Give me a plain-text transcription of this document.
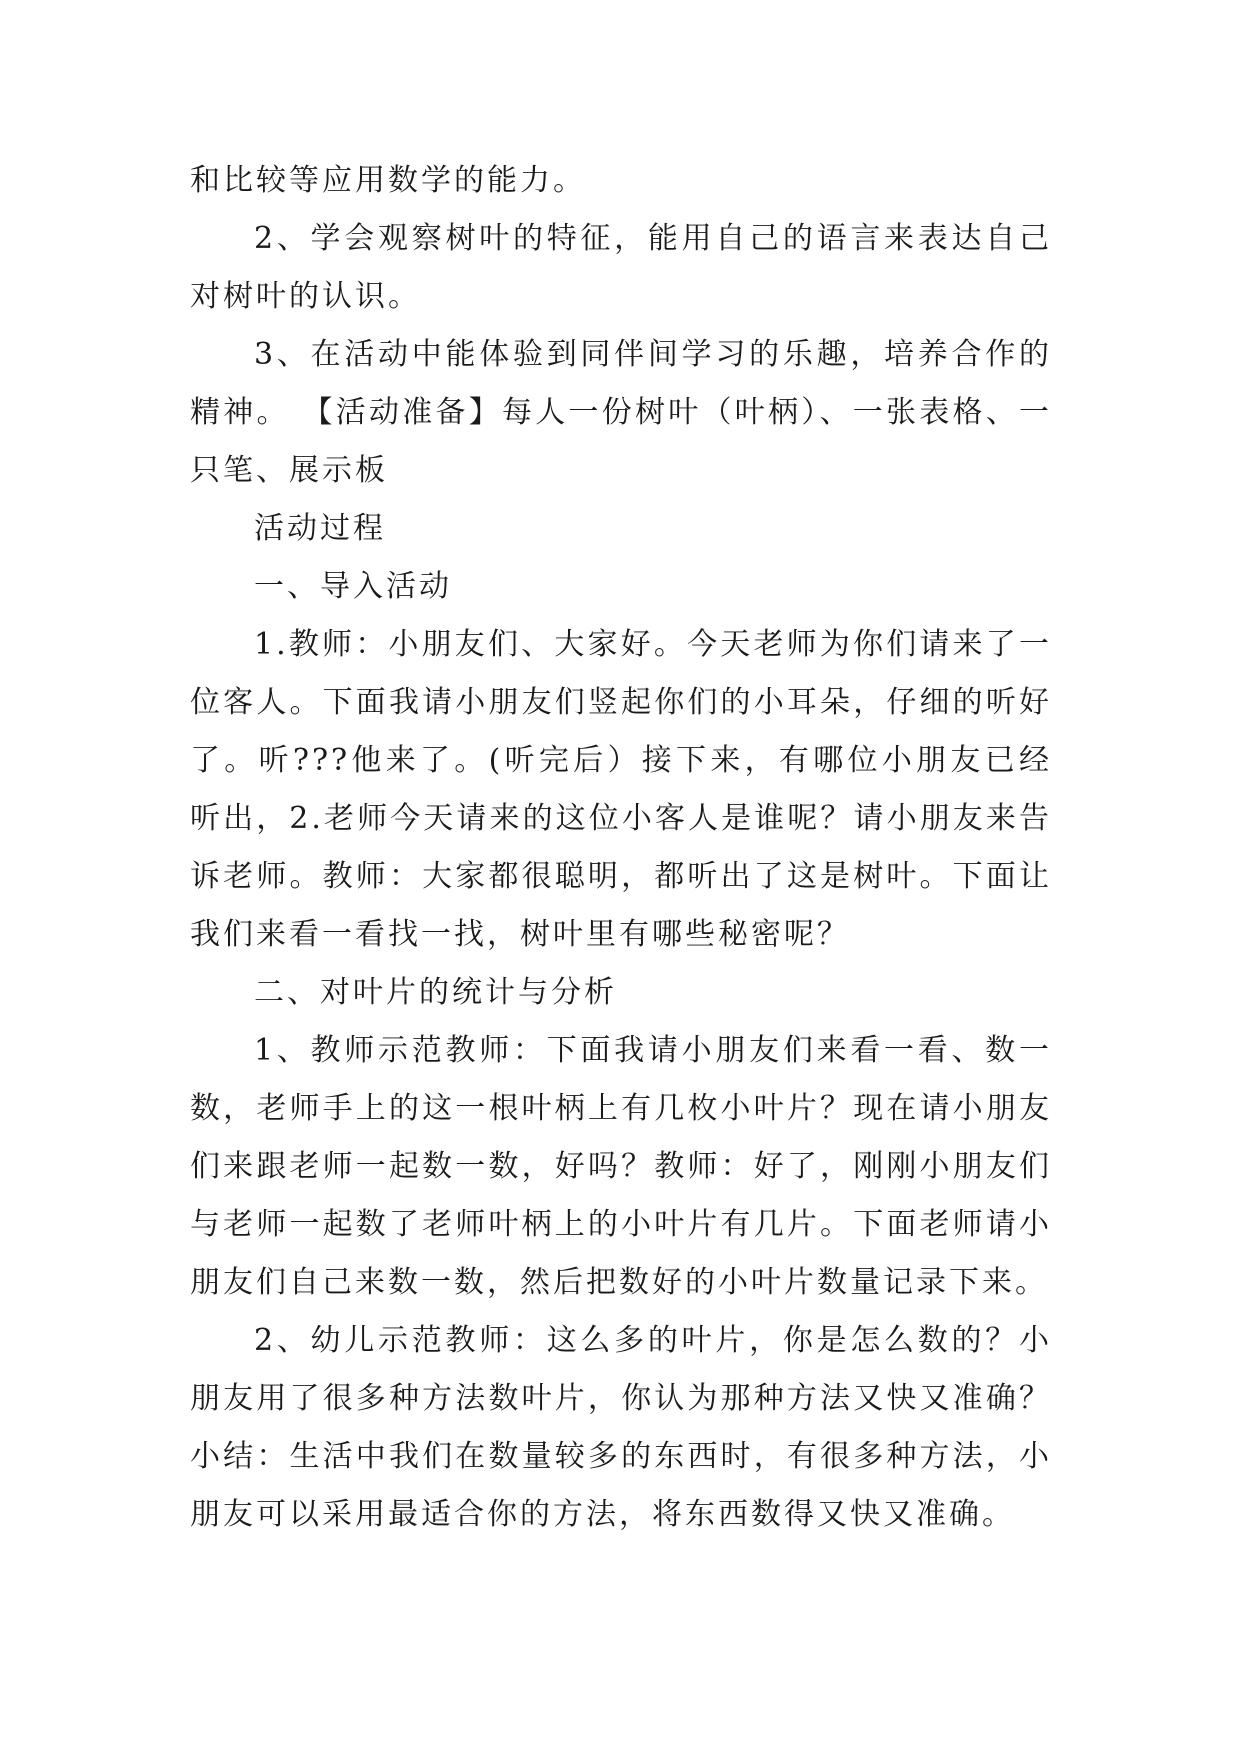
和比较等应用数学的能力。

2、学会观察树叶的特征，能用自己的语言来表达自己对树叶的认识。

3、在活动中能体验到同伴间学习的乐趣，培养合作的精神。 【活动准备】每人一份树叶（叶柄）、一张表格、一只笔、展示板

活动过程

一、导入活动

1.教师：小朋友们、大家好。今天老师为你们请来了一位客人。下面我请小朋友们竖起你们的小耳朵，仔细的听好了。听???他来了。(听完后）接下来，有哪位小朋友已经听出，2.老师今天请来的这位小客人是谁呢？请小朋友来告诉老师。教师：大家都很聪明，都听出了这是树叶。下面让我们来看一看找一找，树叶里有哪些秘密呢？

二、对叶片的统计与分析

1、教师示范教师：下面我请小朋友们来看一看、数一数，老师手上的这一根叶柄上有几枚小叶片？现在请小朋友们来跟老师一起数一数，好吗？教师：好了，刚刚小朋友们与老师一起数了老师叶柄上的小叶片有几片。下面老师请小朋友们自己来数一数，然后把数好的小叶片数量记录下来。

2、幼儿示范教师：这么多的叶片，你是怎么数的？小朋友用了很多种方法数叶片，你认为那种方法又快又准确？小结：生活中我们在数量较多的东西时，有很多种方法，小朋友可以采用最适合你的方法，将东西数得又快又准确。
